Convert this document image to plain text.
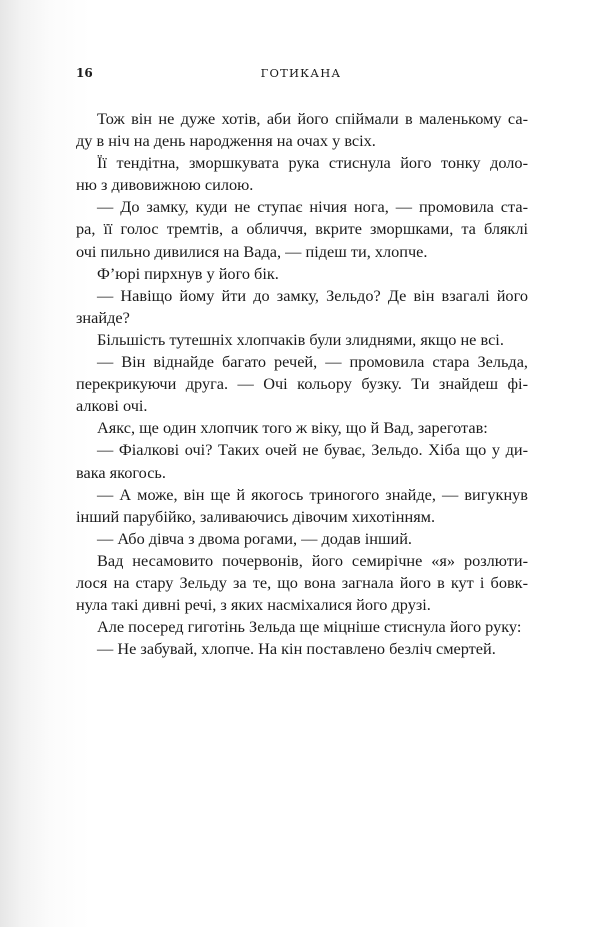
16	ГОТИКАНА
Тож він не дуже хотів, аби його спіймали в маленькому са-
ду в ніч на день народження на очах у всіх.
Її тендітна, зморшкувата рука стиснула його тонку доло-
ню з дивовижною силою.
— До замку, куди не ступає нічия нога, — промовила ста-
ра, її голос тремтів, а обличчя, вкрите зморшками, та бляклі
очі пильно дивилися на Вада, — підеш ти, хлопче.
Ф’юрі пирхнув у його бік.
— Навіщо йому йти до замку, Зельдо? Де він взагалі його
знайде?
Більшість тутешніх хлопчаків були злиднями, якщо не всі.
— Він віднайде багато речей, — промовила стара Зельда,
перекрикуючи друга. — Очі кольору бузку. Ти знайдеш фі-
алкові очі.
Аякс, ще один хлопчик того ж віку, що й Вад, зареготав:
— Фіалкові очі? Таких очей не буває, Зельдо. Хіба що у ди-
вака якогось.
— А може, він ще й якогось триногого знайде, — вигукнув
інший парубійко, заливаючись дівочим хихотінням.
— Або дівча з двома рогами, — додав інший.
Вад несамовито почервонів, його семирічне «я» розлюти-
лося на стару Зельду за те, що вона загнала його в кут і бовк-
нула такі дивні речі, з яких насміхалися його друзі.
Але посеред гиготінь Зельда ще міцніше стиснула його руку:
— Не забувай, хлопче. На кін поставлено безліч смертей.
